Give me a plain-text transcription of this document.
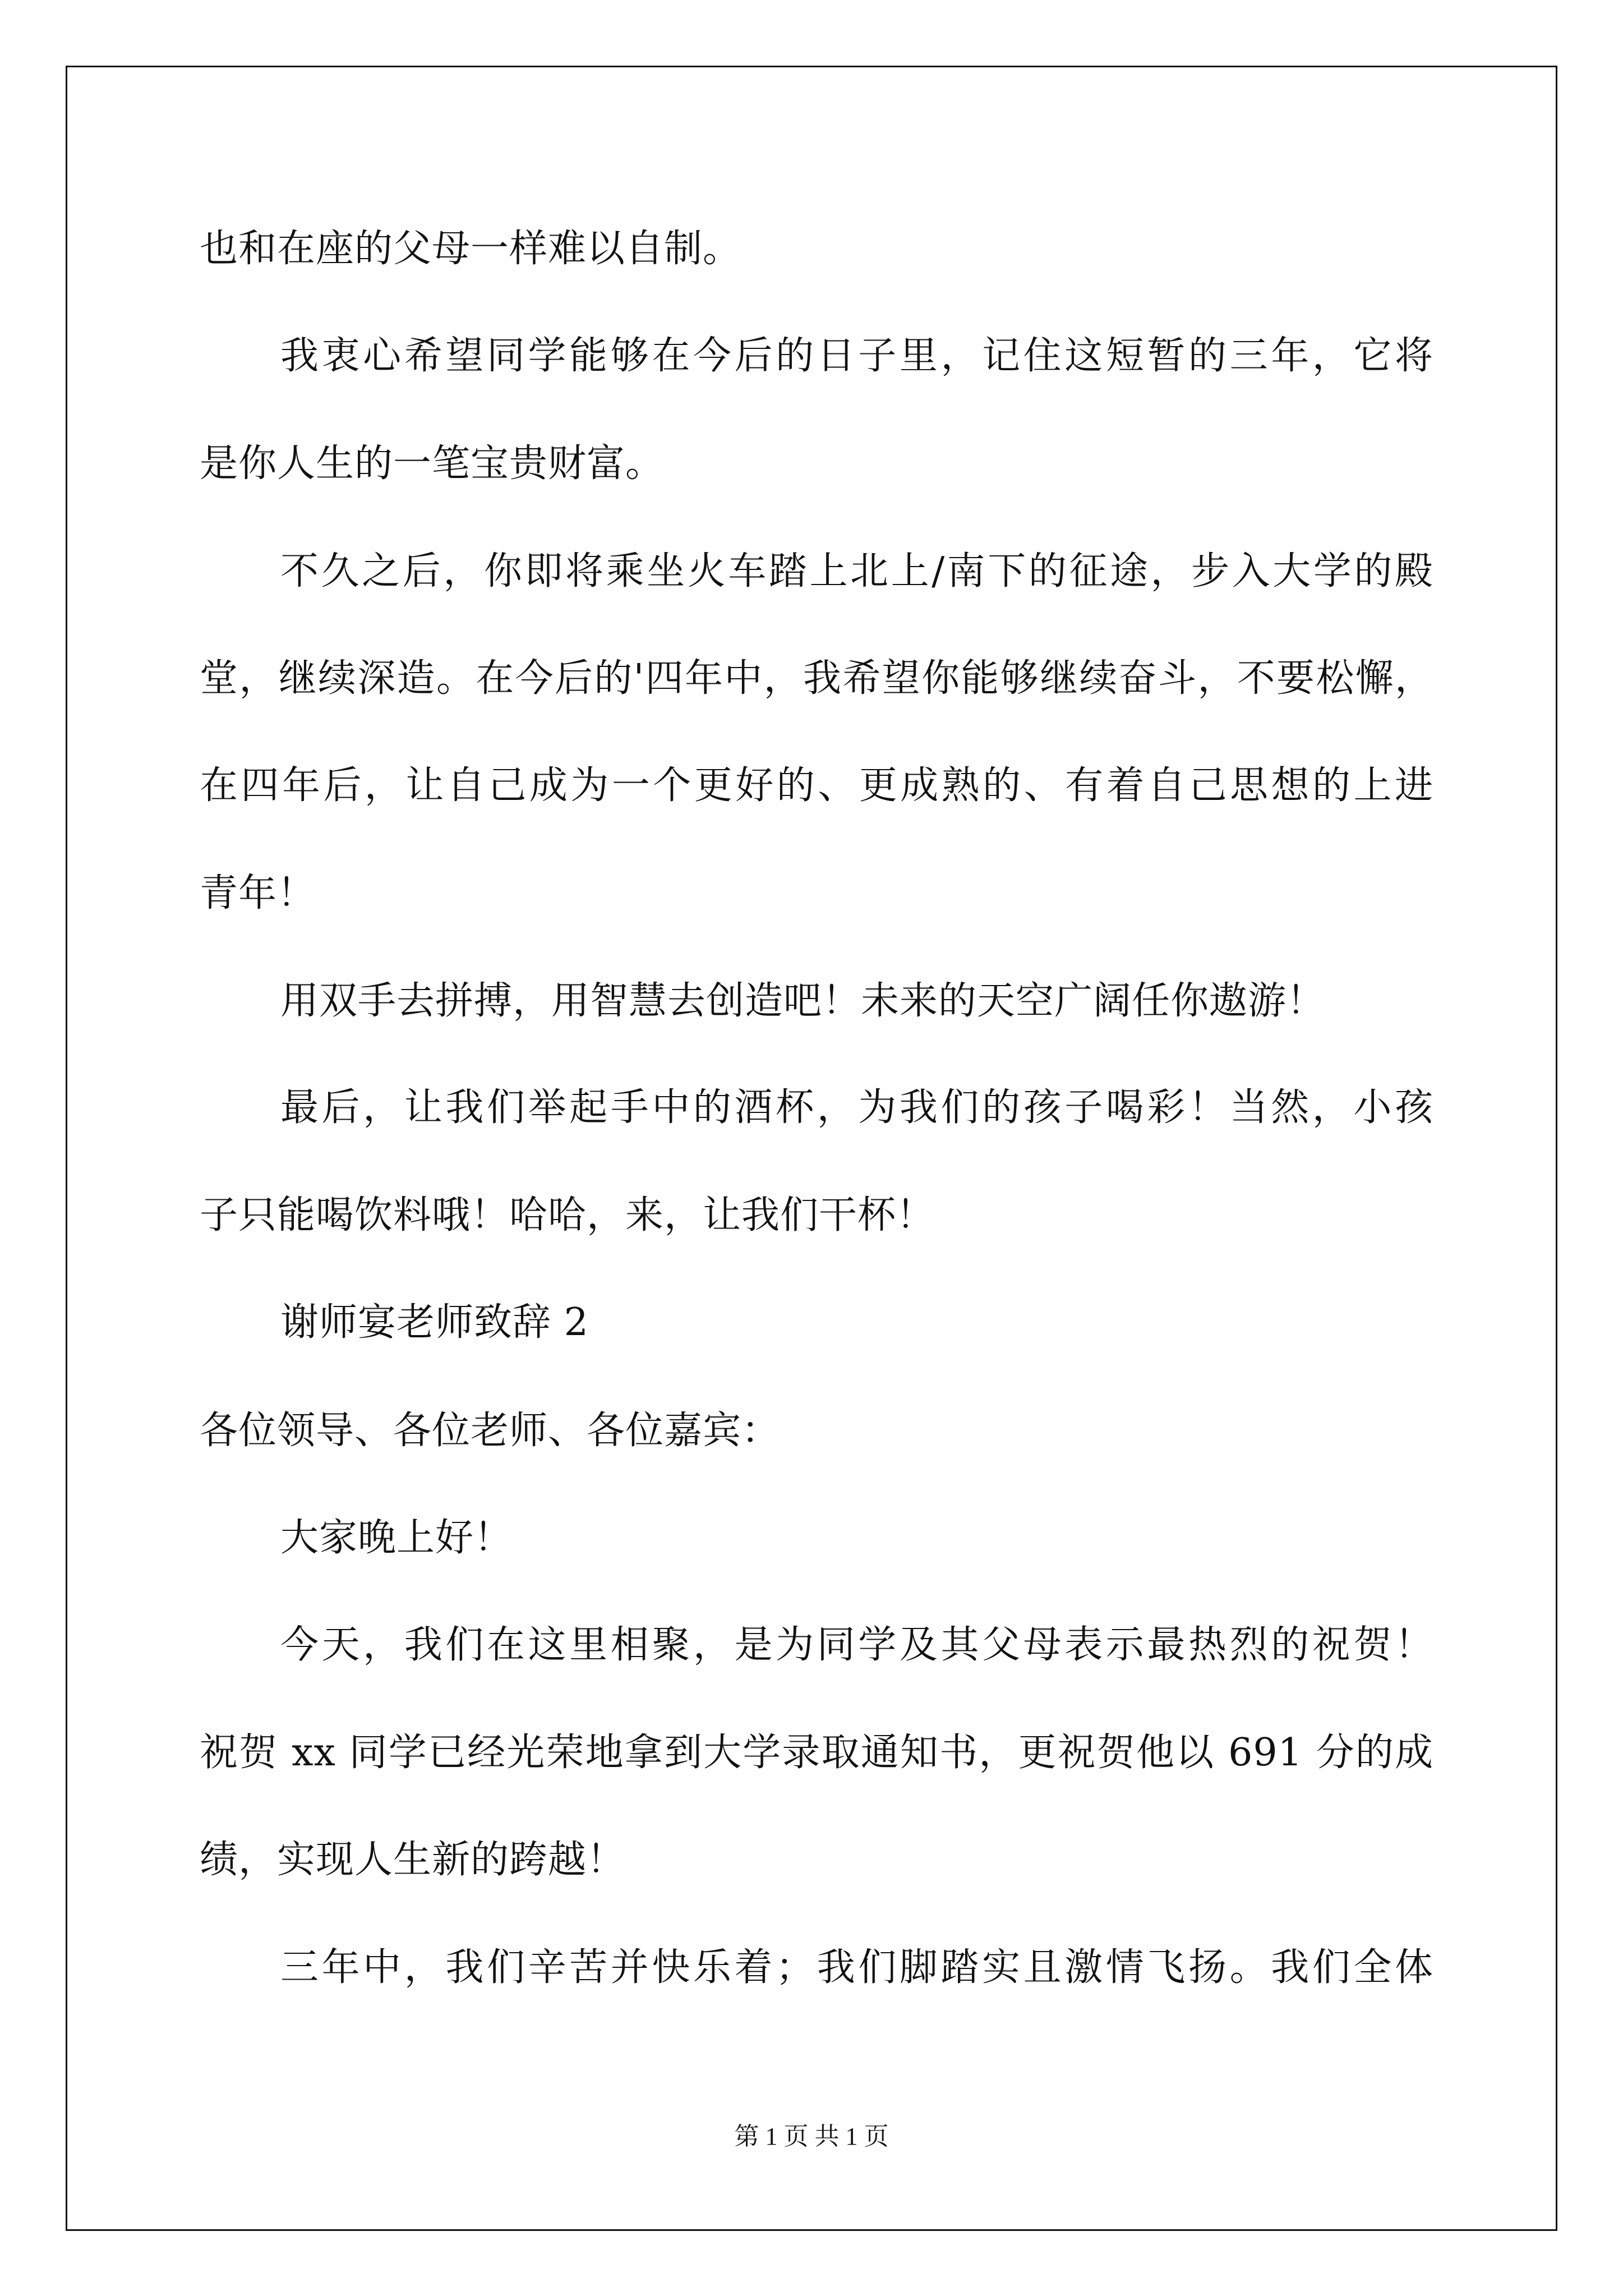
也和在座的父母一样难以自制。
我衷心希望同学能够在今后的日子里，记住这短暂的三年，它将
是你人生的一笔宝贵财富。
不久之后，你即将乘坐火车踏上北上/南下的征途，步入大学的殿
堂，继续深造。在今后的'四年中，我希望你能够继续奋斗，不要松懈，
在四年后，让自己成为一个更好的、更成熟的、有着自己思想的上进
青年！
用双手去拼搏，用智慧去创造吧！未来的天空广阔任你遨游！
最后，让我们举起手中的酒杯，为我们的孩子喝彩！当然，小孩
子只能喝饮料哦！哈哈，来，让我们干杯！
谢师宴老师致辞 2
各位领导、各位老师、各位嘉宾：
大家晚上好！
今天，我们在这里相聚，是为同学及其父母表示最热烈的祝贺！
祝贺 xx 同学已经光荣地拿到大学录取通知书，更祝贺他以 691 分的成
绩，实现人生新的跨越！
三年中，我们辛苦并快乐着；我们脚踏实且激情飞扬。我们全体
第 1 页 共 1 页
